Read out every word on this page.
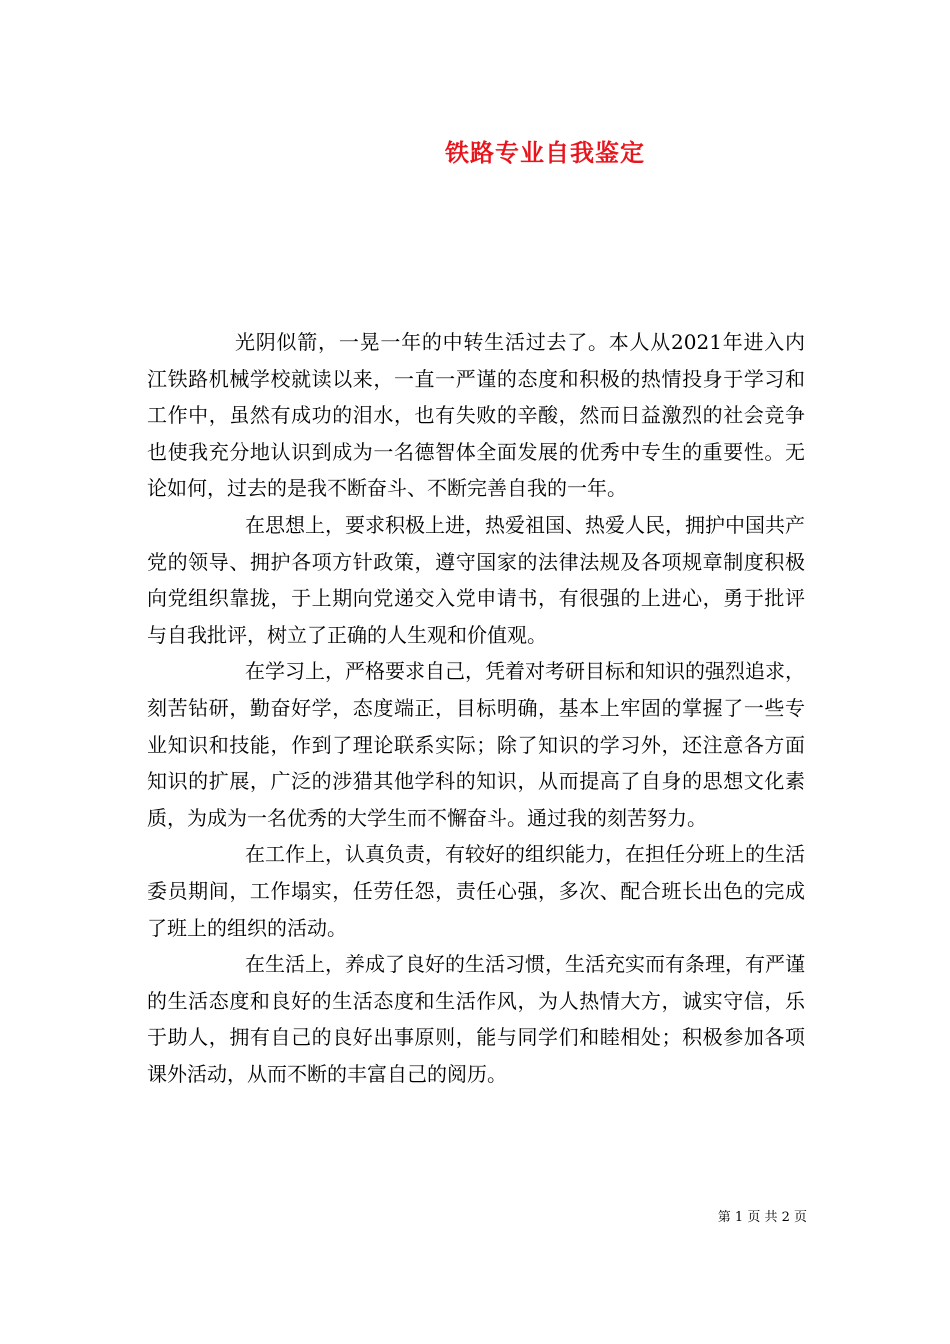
铁路专业自我鉴定

光阴似箭，一晃一年的中转生活过去了。本人从2021年进入内江铁路机械学校就读以来，一直一严谨的态度和积极的热情投身于学习和工作中，虽然有成功的泪水，也有失败的辛酸，然而日益激烈的社会竞争也使我充分地认识到成为一名德智体全面发展的优秀中专生的重要性。无论如何，过去的是我不断奋斗、不断完善自我的一年。

在思想上，要求积极上进，热爱祖国、热爱人民，拥护中国共产党的领导、拥护各项方针政策，遵守国家的法律法规及各项规章制度积极向党组织靠拢，于上期向党递交入党申请书，有很强的上进心，勇于批评与自我批评，树立了正确的人生观和价值观。

在学习上，严格要求自己，凭着对考研目标和知识的强烈追求，刻苦钻研，勤奋好学，态度端正，目标明确，基本上牢固的掌握了一些专业知识和技能，作到了理论联系实际；除了知识的学习外，还注意各方面知识的扩展，广泛的涉猎其他学科的知识，从而提高了自身的思想文化素质，为成为一名优秀的大学生而不懈奋斗。通过我的刻苦努力。

在工作上，认真负责，有较好的组织能力，在担任分班上的生活委员期间，工作塌实，任劳任怨，责任心强，多次、配合班长出色的完成了班上的组织的活动。

在生活上，养成了良好的生活习惯，生活充实而有条理，有严谨的生活态度和良好的生活态度和生活作风，为人热情大方，诚实守信，乐于助人，拥有自己的良好出事原则，能与同学们和睦相处；积极参加各项课外活动，从而不断的丰富自己的阅历。

第 1 页 共 2 页
